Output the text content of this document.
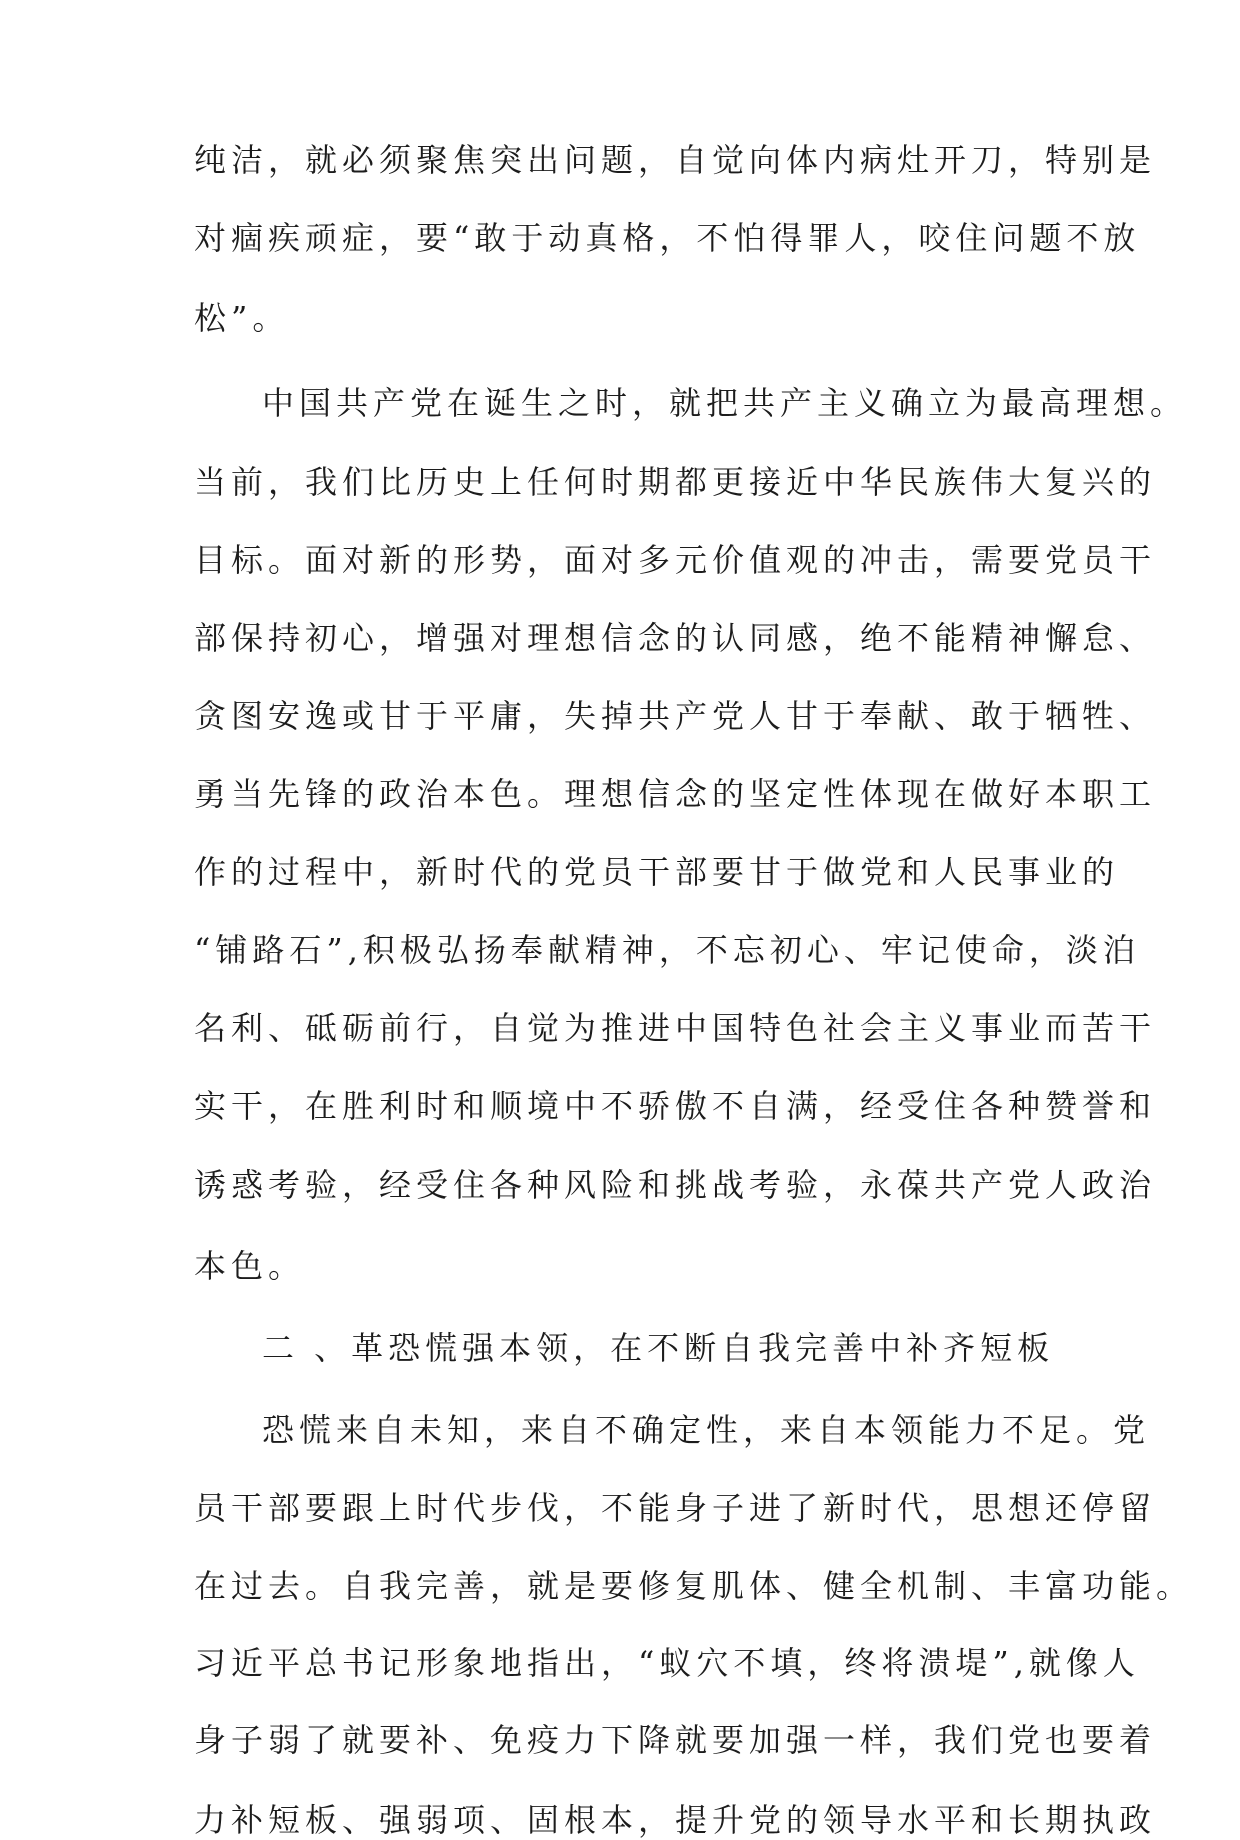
纯洁，就必须聚焦突出问题，自觉向体内病灶开刀，特别是
对痼疾顽症，要“敢于动真格，不怕得罪人，咬住问题不放
松”。
中国共产党在诞生之时，就把共产主义确立为最高理想。
当前，我们比历史上任何时期都更接近中华民族伟大复兴的
目标。面对新的形势，面对多元价值观的冲击，需要党员干
部保持初心，增强对理想信念的认同感，绝不能精神懈怠、
贪图安逸或甘于平庸，失掉共产党人甘于奉献、敢于牺牲、
勇当先锋的政治本色。理想信念的坚定性体现在做好本职工
作的过程中，新时代的党员干部要甘于做党和人民事业的
“铺路石”,积极弘扬奉献精神，不忘初心、牢记使命，淡泊
名利、砥砺前行，自觉为推进中国特色社会主义事业而苦干
实干，在胜利时和顺境中不骄傲不自满，经受住各种赞誉和
诱惑考验，经受住各种风险和挑战考验，永葆共产党人政治
本色。
二 、革恐慌强本领，在不断自我完善中补齐短板
恐慌来自未知，来自不确定性，来自本领能力不足。党
员干部要跟上时代步伐，不能身子进了新时代，思想还停留
在过去。自我完善，就是要修复肌体、健全机制、丰富功能。
习近平总书记形象地指出，“蚁穴不填，终将溃堤”,就像人
身子弱了就要补、免疫力下降就要加强一样，我们党也要着
力补短板、强弱项、固根本，提升党的领导水平和长期执政
